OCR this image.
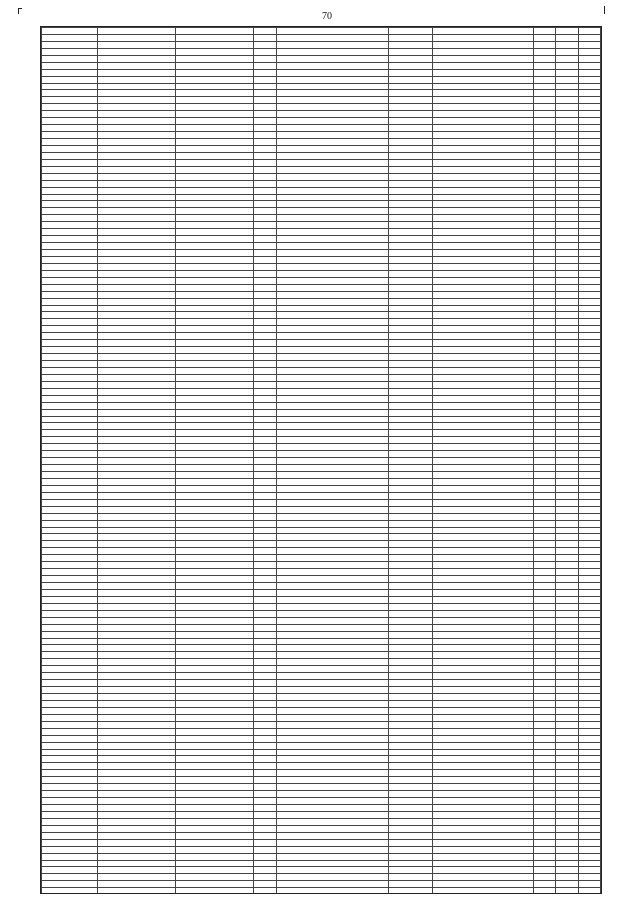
70
